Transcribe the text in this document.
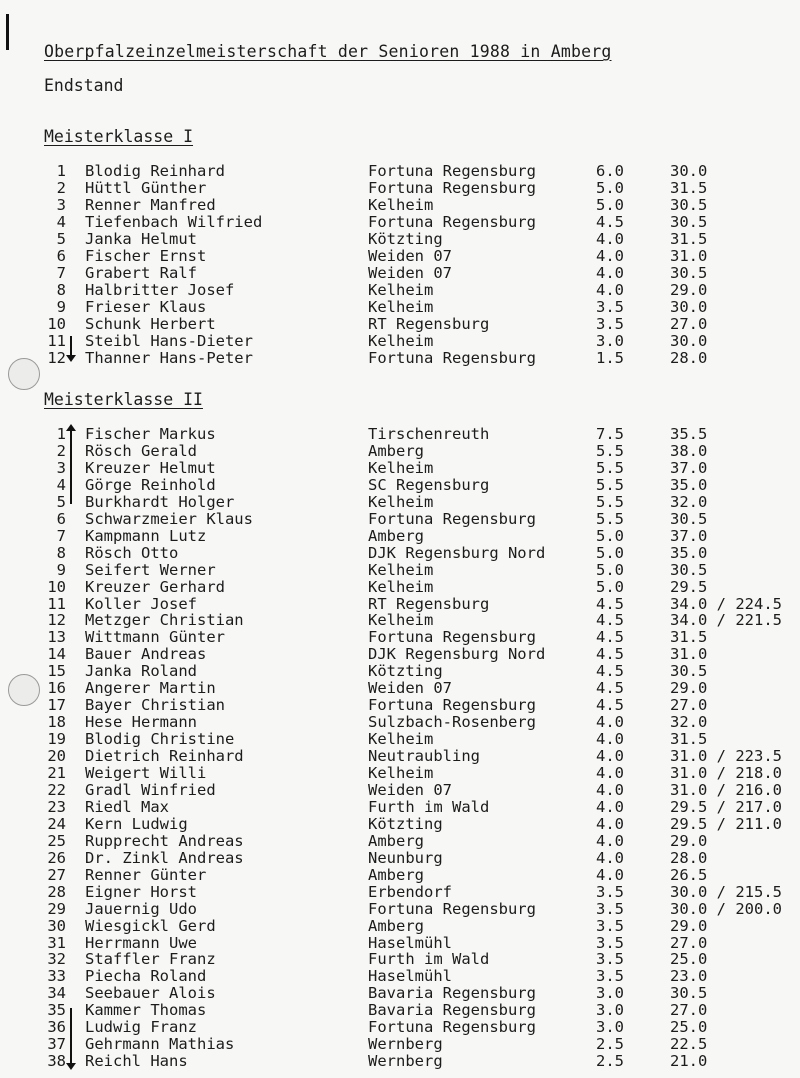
Oberpfalzeinzelmeisterschaft der Senioren 1988 in Amberg
Endstand
Meisterklasse I
1 Blodig Reinhard	Fortuna Regensburg	6.0	30.0
2 Hüttl Günther	Fortuna Regensburg	5.0	31.5
3 Renner Manfred	Kelheim	5.0	30.5
4 Tiefenbach Wilfried	Fortuna Regensburg	4.5	30.5
5 Janka Helmut	Kötzting	4.0	31.5
6 Fischer Ernst	Weiden 07	4.0	31.0
7 Grabert Ralf	Weiden 07	4.0	30.5
8 Halbritter Josef	Kelheim	4.0	29.0
9 Frieser Klaus	Kelheim	3.5	30.0
10 Schunk Herbert	RT Regensburg	3.5	27.0
11 Steibl Hans-Dieter	Kelheim	3.0	30.0
12 Thanner Hans-Peter	Fortuna Regensburg	1.5	28.0
Meisterklasse II
1 Fischer Markus	Tirschenreuth	7.5	35.5
2 Rösch Gerald	Amberg	5.5	38.0
3 Kreuzer Helmut	Kelheim	5.5	37.0
4 Görge Reinhold	SC Regensburg	5.5	35.0
5 Burkhardt Holger	Kelheim	5.5	32.0
6 Schwarzmeier Klaus	Fortuna Regensburg	5.5	30.5
7 Kampmann Lutz	Amberg	5.0	37.0
8 Rösch Otto	DJK Regensburg Nord	5.0	35.0
9 Seifert Werner	Kelheim	5.0	30.5
10 Kreuzer Gerhard	Kelheim	5.0	29.5
11 Koller Josef	RT Regensburg	4.5	34.0 / 224.5
12 Metzger Christian	Kelheim	4.5	34.0 / 221.5
13 Wittmann Günter	Fortuna Regensburg	4.5	31.5
14 Bauer Andreas	DJK Regensburg Nord	4.5	31.0
15 Janka Roland	Kötzting	4.5	30.5
16 Angerer Martin	Weiden 07	4.5	29.0
17 Bayer Christian	Fortuna Regensburg	4.5	27.0
18 Hese Hermann	Sulzbach-Rosenberg	4.0	32.0
19 Blodig Christine	Kelheim	4.0	31.5
20 Dietrich Reinhard	Neutraubling	4.0	31.0 / 223.5
21 Weigert Willi	Kelheim	4.0	31.0 / 218.0
22 Gradl Winfried	Weiden 07	4.0	31.0 / 216.0
23 Riedl Max	Furth im Wald	4.0	29.5 / 217.0
24 Kern Ludwig	Kötzting	4.0	29.5 / 211.0
25 Rupprecht Andreas	Amberg	4.0	29.0
26 Dr. Zinkl Andreas	Neunburg	4.0	28.0
27 Renner Günter	Amberg	4.0	26.5
28 Eigner Horst	Erbendorf	3.5	30.0 / 215.5
29 Jauernig Udo	Fortuna Regensburg	3.5	30.0 / 200.0
30 Wiesgickl Gerd	Amberg	3.5	29.0
31 Herrmann Uwe	Haselmühl	3.5	27.0
32 Staffler Franz	Furth im Wald	3.5	25.0
33 Piecha Roland	Haselmühl	3.5	23.0
34 Seebauer Alois	Bavaria Regensburg	3.0	30.5
35 Kammer Thomas	Bavaria Regensburg	3.0	27.0
36 Ludwig Franz	Fortuna Regensburg	3.0	25.0
37 Gehrmann Mathias	Wernberg	2.5	22.5
38 Reichl Hans	Wernberg	2.5	21.0
